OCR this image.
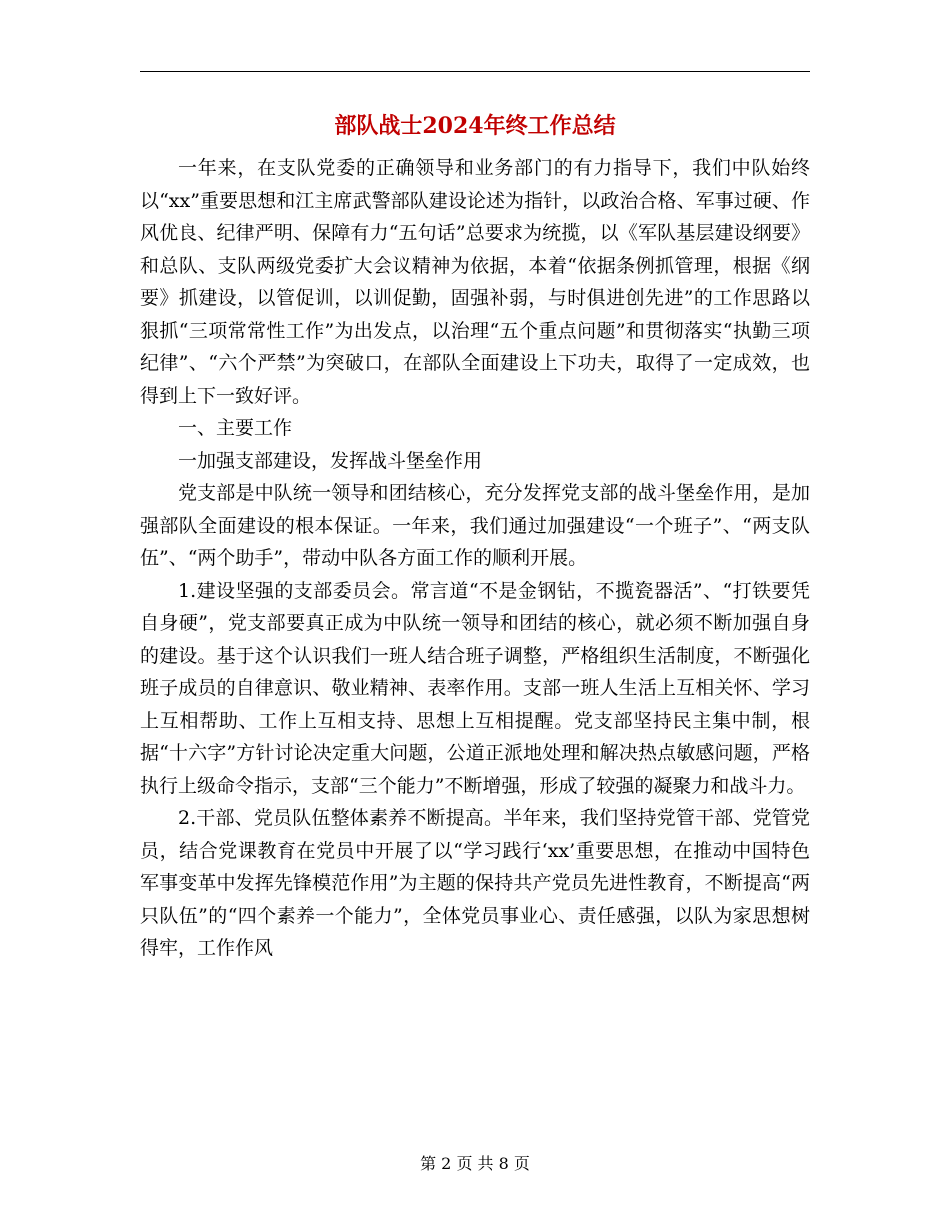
部队战士2024年终工作总结

一年来，在支队党委的正确领导和业务部门的有力指导下，我们中队始终以“xx”重要思想和江主席武警部队建设论述为指针，以政治合格、军事过硬、作风优良、纪律严明、保障有力“五句话”总要求为统揽，以《军队基层建设纲要》和总队、支队两级党委扩大会议精神为依据，本着“依据条例抓管理，根据《纲要》抓建设，以管促训，以训促勤，固强补弱，与时俱进创先进”的工作思路以狠抓“三项常常性工作”为出发点，以治理“五个重点问题”和贯彻落实“执勤三项纪律”、“六个严禁”为突破口，在部队全面建设上下功夫，取得了一定成效，也得到上下一致好评。

一、主要工作

一加强支部建设，发挥战斗堡垒作用

党支部是中队统一领导和团结核心，充分发挥党支部的战斗堡垒作用，是加强部队全面建设的根本保证。一年来，我们通过加强建设“一个班子”、“两支队伍”、“两个助手”，带动中队各方面工作的顺利开展。

1.建设坚强的支部委员会。常言道“不是金钢钻，不揽瓷器活”、“打铁要凭自身硬”，党支部要真正成为中队统一领导和团结的核心，就必须不断加强自身的建设。基于这个认识我们一班人结合班子调整，严格组织生活制度，不断强化班子成员的自律意识、敬业精神、表率作用。支部一班人生活上互相关怀、学习上互相帮助、工作上互相支持、思想上互相提醒。党支部坚持民主集中制，根据“十六字”方针讨论决定重大问题，公道正派地处理和解决热点敏感问题，严格执行上级命令指示，支部“三个能力”不断增强，形成了较强的凝聚力和战斗力。

2.干部、党员队伍整体素养不断提高。半年来，我们坚持党管干部、党管党员，结合党课教育在党员中开展了以“学习践行‘xx’重要思想，在推动中国特色军事变革中发挥先锋模范作用”为主题的保持共产党员先进性教育，不断提高“两只队伍”的“四个素养一个能力”，全体党员事业心、责任感强，以队为家思想树得牢，工作作风

第 2 页 共 8 页
